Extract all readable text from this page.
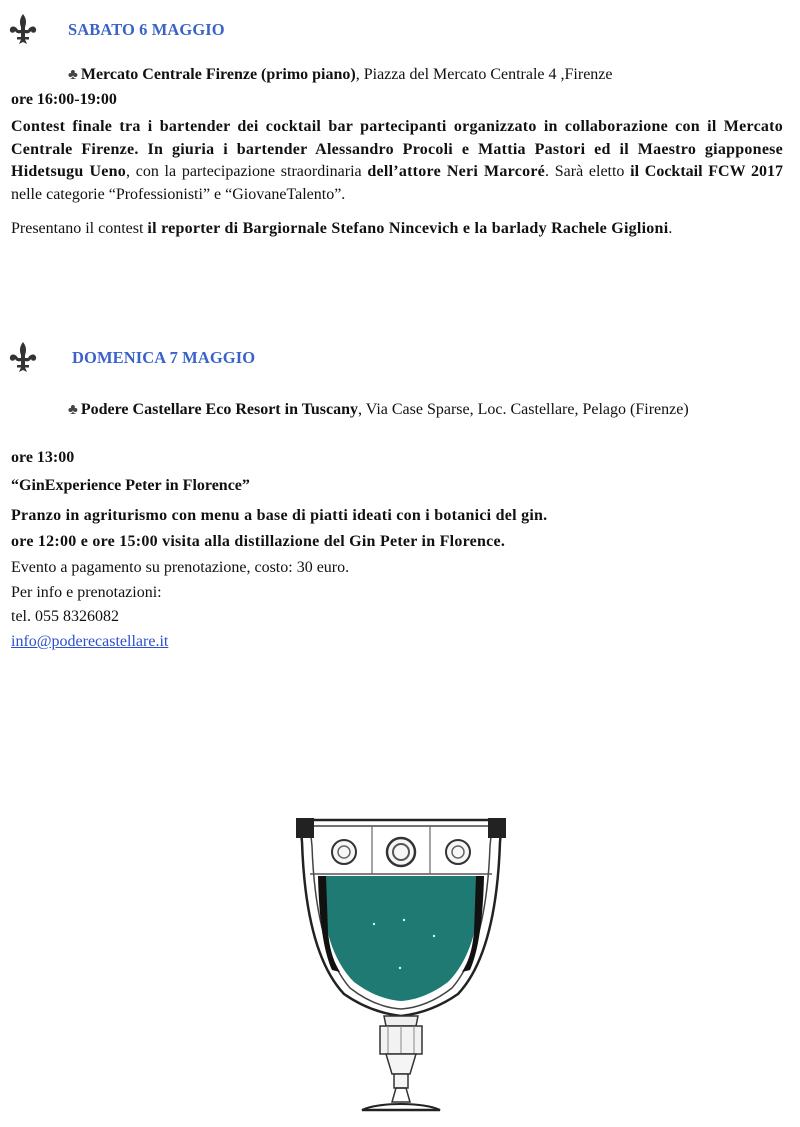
SABATO 6 MAGGIO
♣ Mercato Centrale Firenze (primo piano), Piazza del Mercato Centrale 4 ,Firenze
ore 16:00-19:00
Contest finale tra i bartender dei cocktail bar partecipanti organizzato in collaborazione con il Mercato Centrale Firenze. In giuria i bartender Alessandro Procoli e Mattia Pastori ed il Maestro giapponese Hidetsugu Ueno, con la partecipazione straordinaria dell’attore Neri Marcoré. Sarà eletto il Cocktail FCW 2017 nelle categorie “Professionisti” e “GiovaneTalento”.
Presentano il contest il reporter di Bargiornale Stefano Nincevich e la barlady Rachele Giglioni.
DOMENICA 7 MAGGIO
♣ Podere Castellare Eco Resort in Tuscany, Via Case Sparse, Loc. Castellare, Pelago (Firenze)
ore 13:00
“GinExperience Peter in Florence”
Pranzo in agriturismo con menu a base di piatti ideati con i botanici del gin.
ore 12:00 e ore 15:00 visita alla distillazione del Gin Peter in Florence.
Evento a pagamento su prenotazione, costo: 30 euro.
Per info e prenotazioni:
tel. 055 8326082
info@poderecastellare.it
